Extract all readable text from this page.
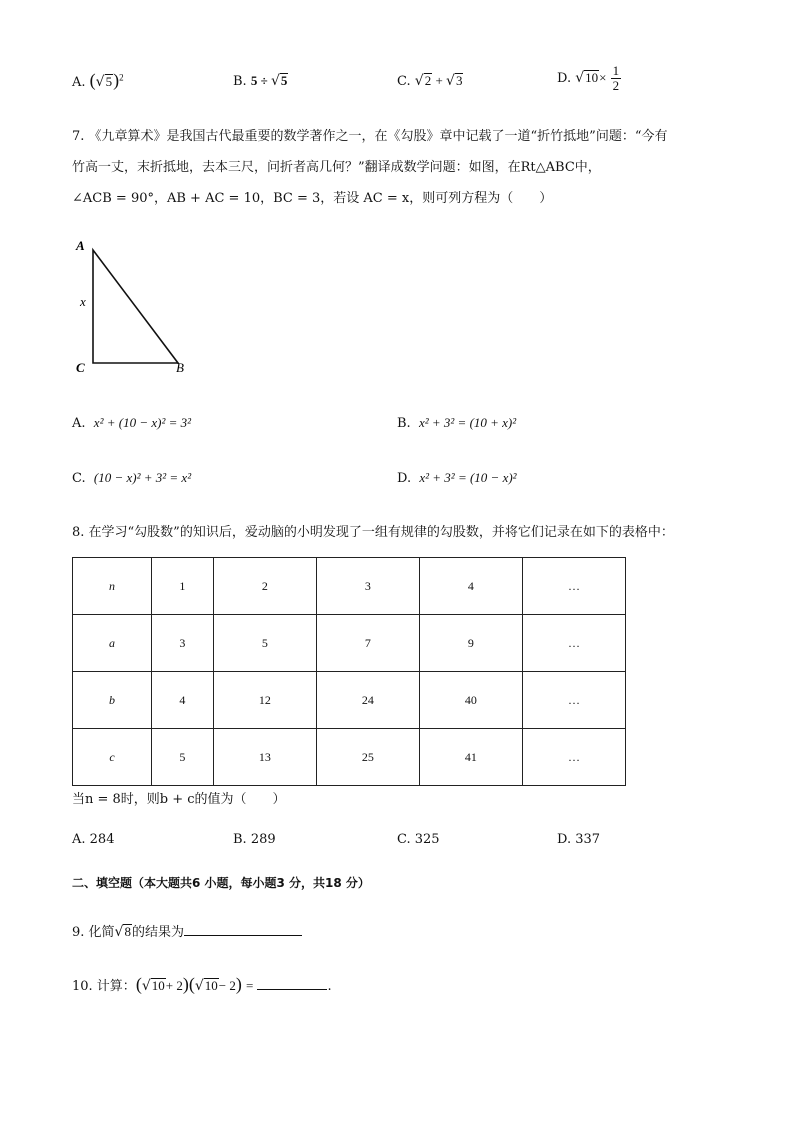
A. $(√5)^2$	B. 5 ÷ √5	C. √2 + √3	D. $√10\times \frac{1}{2}$
7. 《九章算术》是我国古代最重要的数学著作之一，在《勾股》章中记载了一道“折竹抵地”问题：“今有
竹高一丈，末折抵地，去本三尺，问折者高几何？”翻译成数学问题：如图，在Rt△ABC中，
∠ACB = 90°，AB + AC = 10，BC = 3，若设 AC = x，则可列方程为（　　）
A
x
C	B
A. x² + (10 − x)² = 3²	B. x² + 3² = (10 + x)²
C. (10 − x)² + 3² = x²	D. x² + 3² = (10 − x)²
8. 在学习“勾股数”的知识后，爱动脑的小明发现了一组有规律的勾股数，并将它们记录在如下的表格中：
n	1	2	3	4	…
a	3	5	7	9	…
b	4	12	24	40	…
c	5	13	25	41	…
当n = 8时，则b + c的值为（　　）
A. 284	B. 289	C. 325	D. 337
二、填空题（本大题共6 小题，每小题3 分，共18 分）
9. 化简√8的结果为
10. 计算：(√10+ 2)(√10− 2) =	.
